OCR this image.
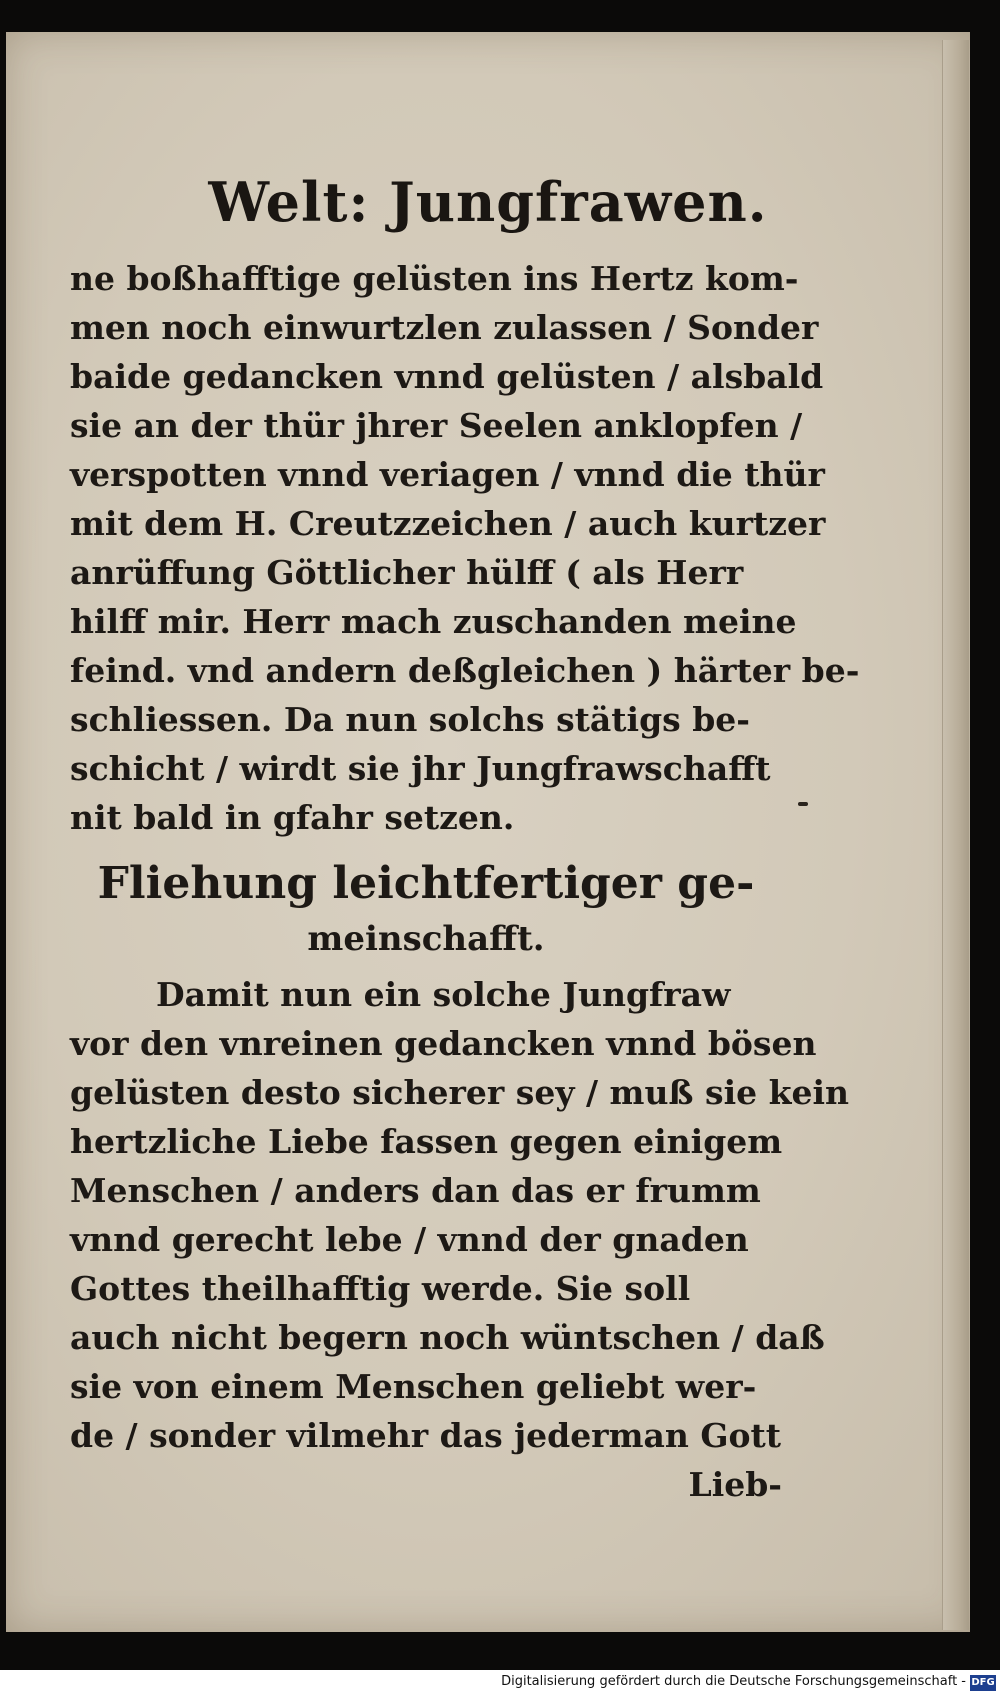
Welt: Jungfrawen.
ne boßhafftige gelüsten ins Hertz kom-
men noch einwurtzlen zulassen / Sonder
baide gedancken vnnd gelüsten / alsbald
sie an der thür jhrer Seelen anklopfen /
verspotten vnnd veriagen / vnnd die thür
mit dem H. Creutzzeichen / auch kurtzer
anrüffung Göttlicher hülff ( als Herr
hilff mir. Herr mach zuschanden meine
feind. vnd andern deßgleichen ) härter be-
schliessen. Da nun solchs stätigs be-
schicht / wirdt sie jhr Jungfrawschafft
nit bald in gfahr setzen.
Fliehung leichtfertiger ge-
meinschafft.
Damit nun ein solche Jungfraw
vor den vnreinen gedancken vnnd bösen
gelüsten desto sicherer sey / muß sie kein
hertzliche Liebe fassen gegen einigem
Menschen / anders dan das er frumm
vnnd gerecht lebe / vnnd der gnaden
Gottes theilhafftig werde. Sie soll
auch nicht begern noch wüntschen / daß
sie von einem Menschen geliebt wer-
de / sonder vilmehr das jederman Gott
Lieb-
Digitalisierung gefördert durch die Deutsche Forschungsgemeinschaft - DFG
